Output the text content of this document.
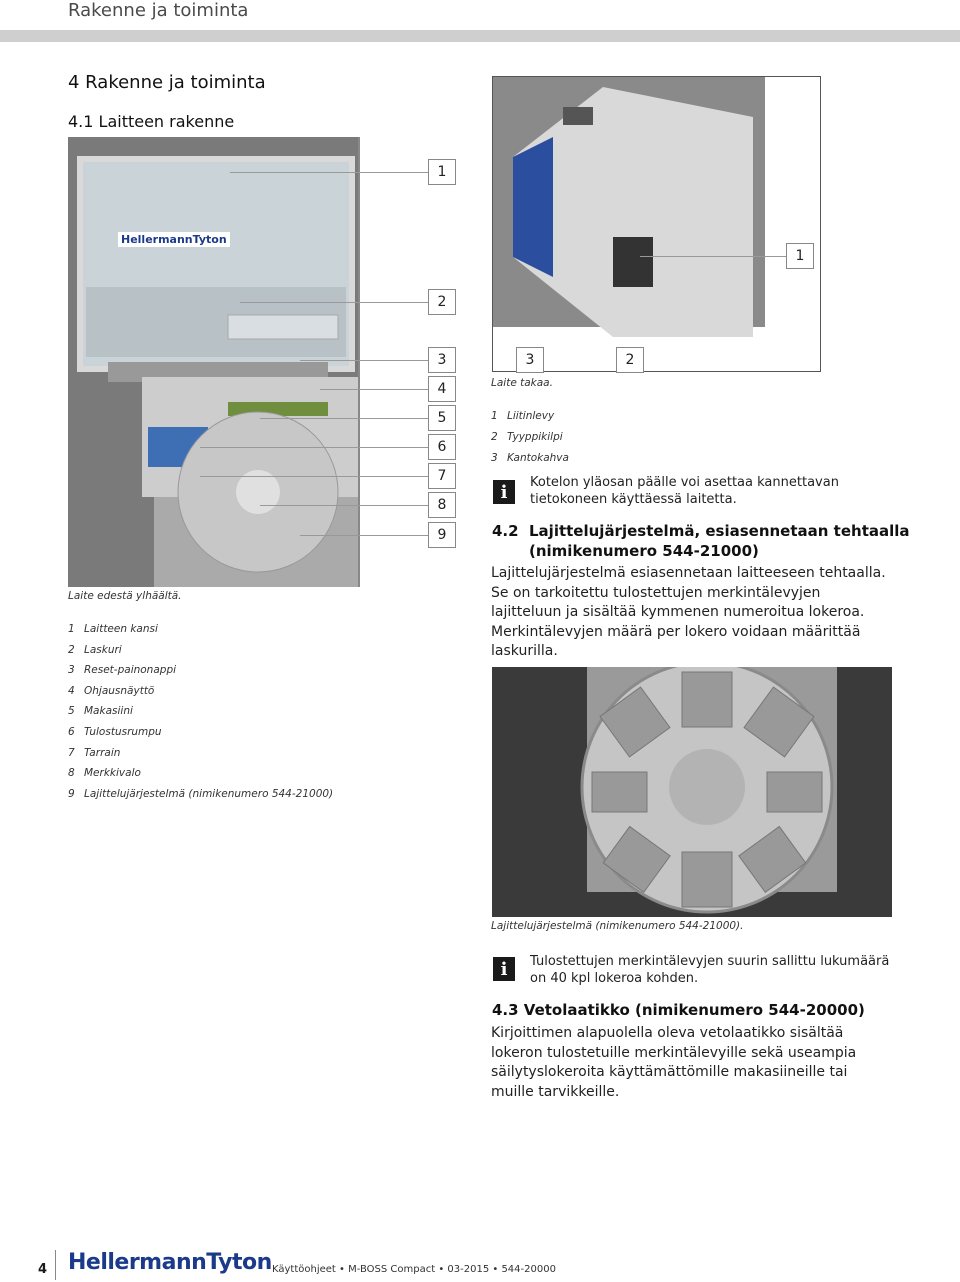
Rakenne ja toiminta
4 Rakenne ja toiminta
4.1 Laitteen rakenne
HellermannTyton
1
2
3
4
5
6
7
8
9
Laite edestä ylhäältä.
1 Laitteen kansi
2 Laskuri
3 Reset-painonappi
4 Ohjausnäyttö
5 Makasiini
6 Tulostusrumpu
7 Tarrain
8 Merkkivalo
9 Lajittelujärjestelmä (nimikenumero 544-21000)
1
3	2
Laite takaa.
1 Liitinlevy
2 Tyyppikilpi
3 Kantokahva
i	Kotelon yläosan päälle voi asettaa kannettavan tietokoneen käyttäessä laitetta.
4.2 Lajittelujärjestelmä, esiasennetaan tehtaalla
(nimikenumero 544-21000)
Lajittelujärjestelmä esiasennetaan laitteeseen tehtaalla.
Se on tarkoitettu tulostettujen merkintälevyjen lajitteluun ja sisältää kymmenen numeroitua lokeroa.
Merkintälevyjen määrä per lokero voidaan määrittää laskurilla.
Lajittelujärjestelmä (nimikenumero 544-21000).
i	Tulostettujen merkintälevyjen suurin sallittu lukumäärä on 40 kpl lokeroa kohden.
4.3 Vetolaatikko (nimikenumero 544-20000)
Kirjoittimen alapuolella oleva vetolaatikko sisältää lokeron tulostetuille merkintälevyille sekä useampia säilytyslokeroita käyttämättömille makasiineille tai muille tarvikkeille.
4 HellermannTyton Käyttöohjeet • M-BOSS Compact • 03-2015 • 544-20000
